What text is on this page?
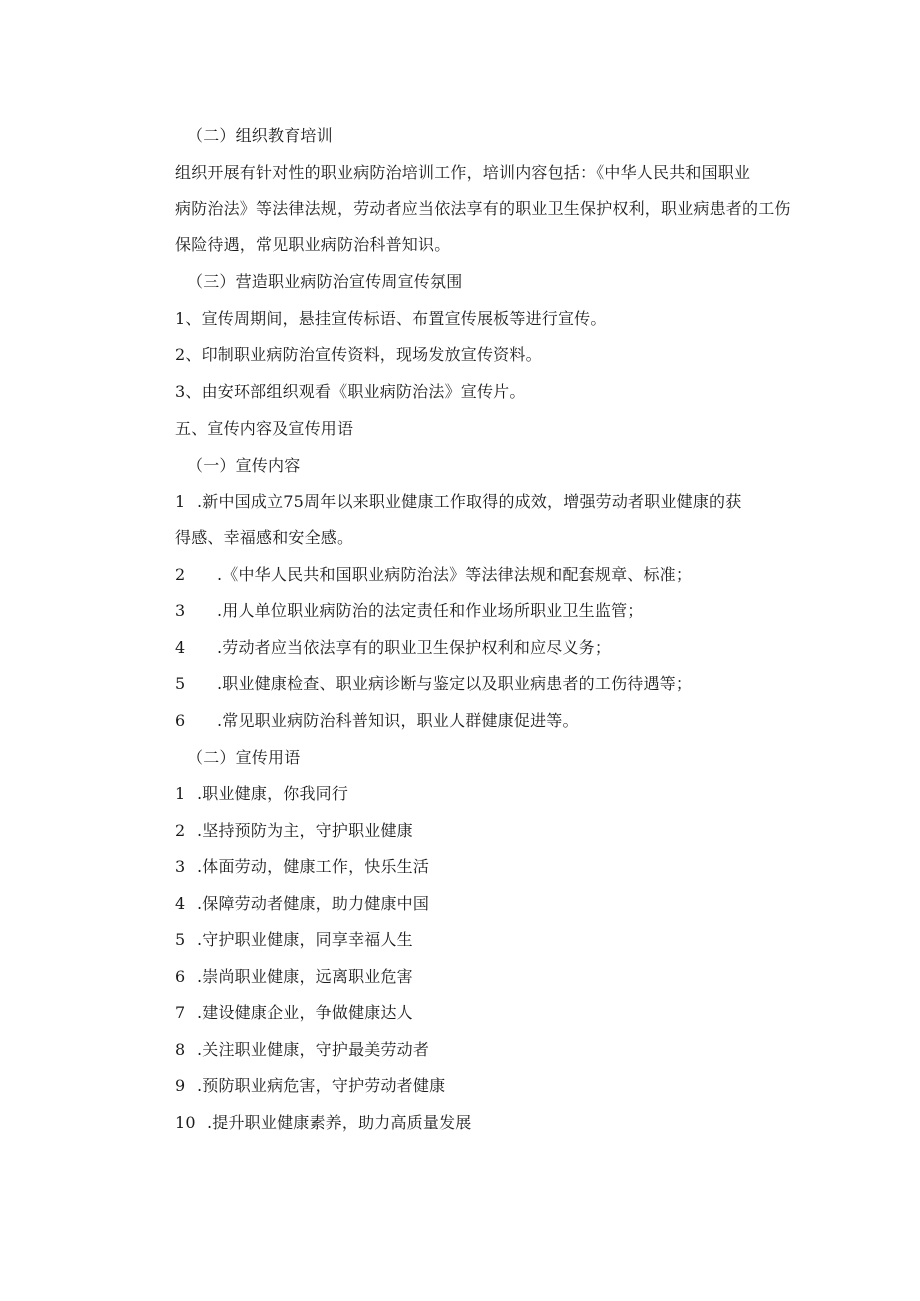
（二）组织教育培训
组织开展有针对性的职业病防治培训工作，培训内容包括：《中华人民共和国职业
病防治法》等法律法规，劳动者应当依法享有的职业卫生保护权利，职业病患者的工伤
保险待遇，常见职业病防治科普知识。
（三）营造职业病防治宣传周宣传氛围
1、宣传周期间，悬挂宣传标语、布置宣传展板等进行宣传。
2、印制职业病防治宣传资料，现场发放宣传资料。
3、由安环部组织观看《职业病防治法》宣传片。
五、宣传内容及宣传用语
（一）宣传内容
1 .新中国成立75周年以来职业健康工作取得的成效，增强劳动者职业健康的获
得感、幸福感和安全感。
2 .《中华人民共和国职业病防治法》等法律法规和配套规章、标准；
3 .用人单位职业病防治的法定责任和作业场所职业卫生监管；
4 .劳动者应当依法享有的职业卫生保护权利和应尽义务；
5 .职业健康检查、职业病诊断与鉴定以及职业病患者的工伤待遇等；
6 .常见职业病防治科普知识，职业人群健康促进等。
（二）宣传用语
1 .职业健康，你我同行
2 .坚持预防为主，守护职业健康
3 .体面劳动，健康工作，快乐生活
4 .保障劳动者健康，助力健康中国
5 .守护职业健康，同享幸福人生
6 .崇尚职业健康，远离职业危害
7 .建设健康企业，争做健康达人
8 .关注职业健康，守护最美劳动者
9 .预防职业病危害，守护劳动者健康
10 .提升职业健康素养，助力高质量发展
